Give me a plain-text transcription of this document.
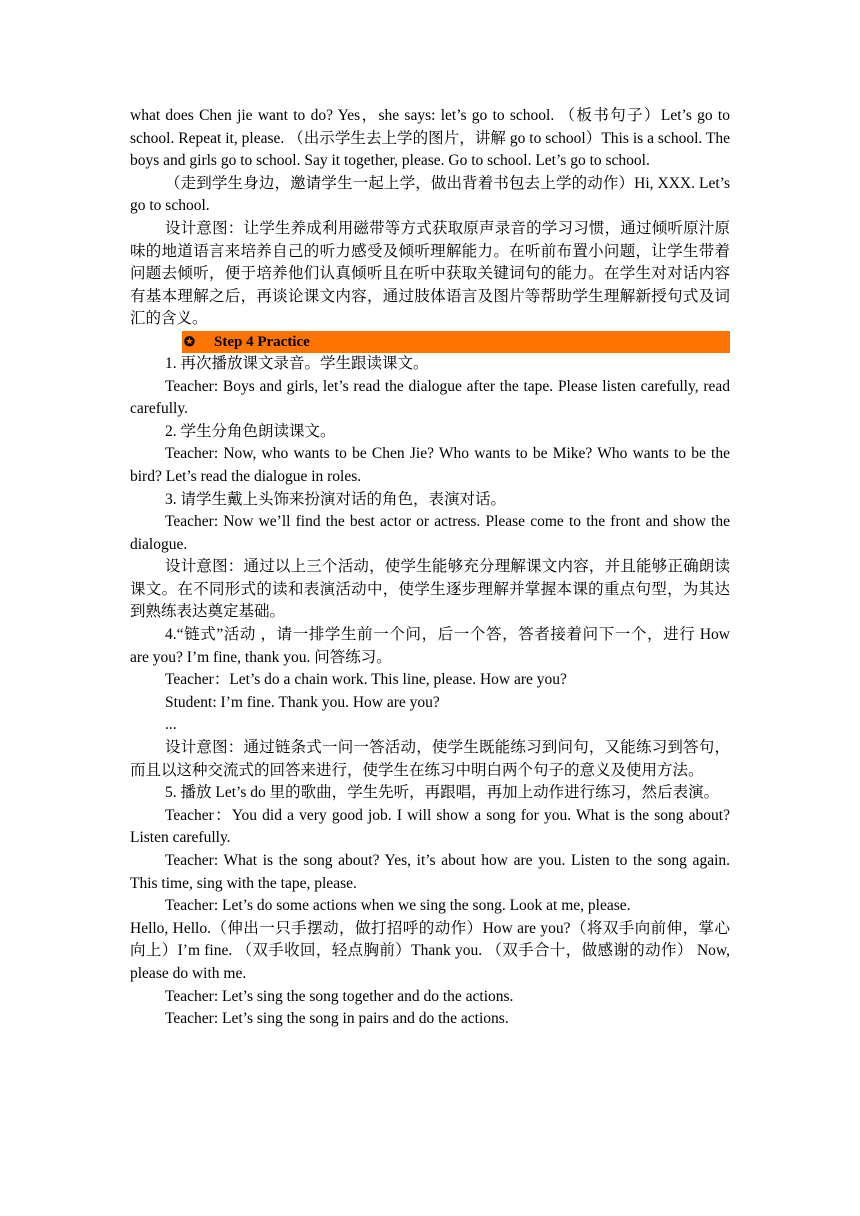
what does Chen jie want to do? Yes，she says: let’s go to school. （板书句子）Let’s go to school. Repeat it, please. （出示学生去上学的图片，讲解 go to school）This is a school. The boys and girls go to school. Say it together, please. Go to school. Let’s go to school.

（走到学生身边，邀请学生一起上学，做出背着书包去上学的动作）Hi, XXX. Let’s go to school.

设计意图：让学生养成利用磁带等方式获取原声录音的学习习惯，通过倾听原汁原味的地道语言来培养自己的听力感受及倾听理解能力。在听前布置小问题，让学生带着问题去倾听，便于培养他们认真倾听且在听中获取关键词句的能力。在学生对对话内容有基本理解之后，再谈论课文内容，通过肢体语言及图片等帮助学生理解新授句式及词汇的含义。

✪	Step 4 Practice

1. 再次播放课文录音。学生跟读课文。

Teacher: Boys and girls, let’s read the dialogue after the tape. Please listen carefully, read carefully.

2. 学生分角色朗读课文。

Teacher: Now, who wants to be Chen Jie? Who wants to be Mike? Who wants to be the bird? Let’s read the dialogue in roles.

3. 请学生戴上头饰来扮演对话的角色，表演对话。

Teacher: Now we’ll find the best actor or actress. Please come to the front and show the dialogue.

设计意图：通过以上三个活动，使学生能够充分理解课文内容，并且能够正确朗读课文。在不同形式的读和表演活动中，使学生逐步理解并掌握本课的重点句型，为其达到熟练表达奠定基础。

4.“链式”活动 ，请一排学生前一个问，后一个答，答者接着问下一个，进行 How are you? I’m fine, thank you. 问答练习。

Teacher：Let’s do a chain work. This line, please. How are you?

Student: I’m fine. Thank you. How are you?

...

设计意图：通过链条式一问一答活动，使学生既能练习到问句，又能练习到答句，而且以这种交流式的回答来进行，使学生在练习中明白两个句子的意义及使用方法。

5. 播放 Let’s do 里的歌曲，学生先听，再跟唱，再加上动作进行练习，然后表演。

Teacher：You did a very good job. I will show a song for you. What is the song about? Listen carefully.

Teacher: What is the song about? Yes, it’s about how are you. Listen to the song again. This time, sing with the tape, please.

Teacher: Let’s do some actions when we sing the song. Look at me, please.

Hello, Hello.（伸出一只手摆动，做打招呼的动作）How are you?（将双手向前伸，掌心向上）I’m fine. （双手收回，轻点胸前）Thank you. （双手合十，做感谢的动作） Now, please do with me.

Teacher: Let’s sing the song together and do the actions.

Teacher: Let’s sing the song in pairs and do the actions.
